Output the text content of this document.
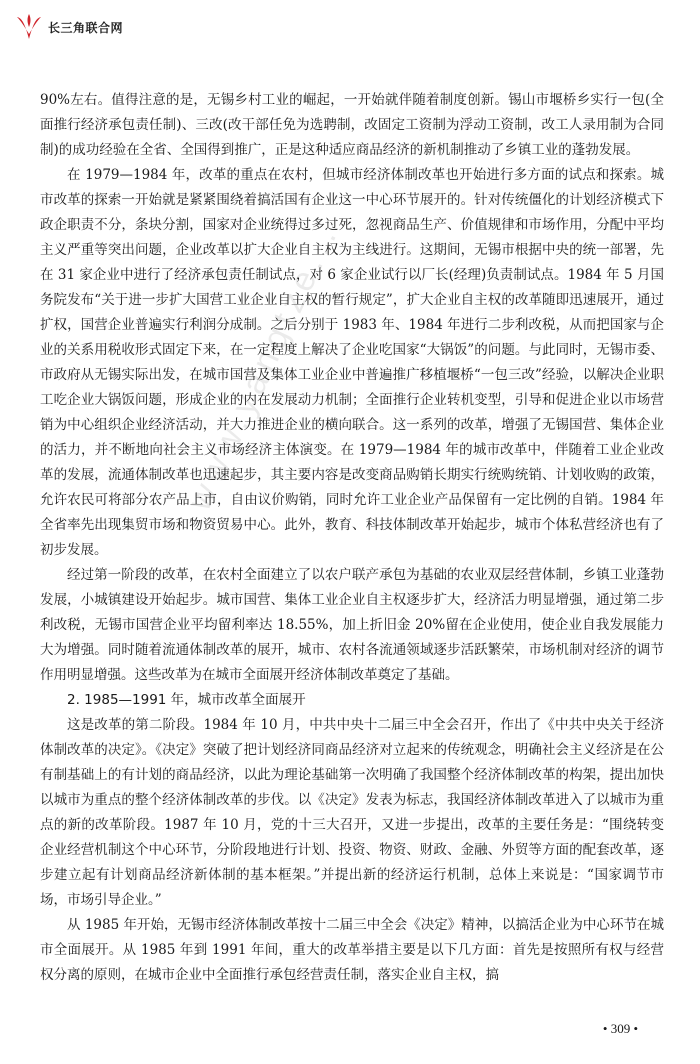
长三角联合网
www.yangtze...

90%左右。值得注意的是，无锡乡村工业的崛起，一开始就伴随着制度创新。锡山市堰桥乡实行一包(全面推行经济承包责任制)、三改(改干部任免为选聘制，改固定工资制为浮动工资制，改工人录用制为合同制)的成功经验在全省、全国得到推广，正是这种适应商品经济的新机制推动了乡镇工业的蓬勃发展。

在 1979—1984 年，改革的重点在农村，但城市经济体制改革也开始进行多方面的试点和探索。城市改革的探索一开始就是紧紧围绕着搞活国有企业这一中心环节展开的。针对传统僵化的计划经济模式下政企职责不分，条块分割，国家对企业统得过多过死，忽视商品生产、价值规律和市场作用，分配中平均主义严重等突出问题，企业改革以扩大企业自主权为主线进行。这期间，无锡市根据中央的统一部署，先在 31 家企业中进行了经济承包责任制试点，对 6 家企业试行以厂长(经理)负责制试点。1984 年 5 月国务院发布“关于进一步扩大国营工业企业自主权的暂行规定”，扩大企业自主权的改革随即迅速展开，通过扩权，国营企业普遍实行利润分成制。之后分别于 1983 年、1984 年进行二步利改税，从而把国家与企业的关系用税收形式固定下来，在一定程度上解决了企业吃国家“大锅饭”的问题。与此同时，无锡市委、市政府从无锡实际出发，在城市国营及集体工业企业中普遍推广移植堰桥“一包三改”经验，以解决企业职工吃企业大锅饭问题，形成企业的内在发展动力机制；全面推行企业转机变型，引导和促进企业以市场营销为中心组织企业经济活动，并大力推进企业的横向联合。这一系列的改革，增强了无锡国营、集体企业的活力，并不断地向社会主义市场经济主体演变。在 1979—1984 年的城市改革中，伴随着工业企业改革的发展，流通体制改革也迅速起步，其主要内容是改变商品购销长期实行统购统销、计划收购的政策，允许农民可将部分农产品上市，自由议价购销，同时允许工业企业产品保留有一定比例的自销。1984 年全省率先出现集贸市场和物资贸易中心。此外，教育、科技体制改革开始起步，城市个体私营经济也有了初步发展。

经过第一阶段的改革，在农村全面建立了以农户联产承包为基础的农业双层经营体制，乡镇工业蓬勃发展，小城镇建设开始起步。城市国营、集体工业企业自主权逐步扩大，经济活力明显增强，通过第二步利改税，无锡市国营企业平均留利率达 18.55%，加上折旧金 20%留在企业使用，使企业自我发展能力大为增强。同时随着流通体制改革的展开，城市、农村各流通领域逐步活跃繁荣，市场机制对经济的调节作用明显增强。这些改革为在城市全面展开经济体制改革奠定了基础。

2. 1985—1991 年，城市改革全面展开

这是改革的第二阶段。1984 年 10 月，中共中央十二届三中全会召开，作出了《中共中央关于经济体制改革的决定》。《决定》突破了把计划经济同商品经济对立起来的传统观念，明确社会主义经济是在公有制基础上的有计划的商品经济，以此为理论基础第一次明确了我国整个经济体制改革的构架，提出加快以城市为重点的整个经济体制改革的步伐。以《决定》发表为标志，我国经济体制改革进入了以城市为重点的新的改革阶段。1987 年 10 月，党的十三大召开，又进一步提出，改革的主要任务是：“围绕转变企业经营机制这个中心环节，分阶段地进行计划、投资、物资、财政、金融、外贸等方面的配套改革，逐步建立起有计划商品经济新体制的基本框架。”并提出新的经济运行机制，总体上来说是：“国家调节市场，市场引导企业。”

从 1985 年开始，无锡市经济体制改革按十二届三中全会《决定》精神，以搞活企业为中心环节在城市全面展开。从 1985 年到 1991 年间，重大的改革举措主要是以下几方面：首先是按照所有权与经营权分离的原则，在城市企业中全面推行承包经营责任制，落实企业自主权，搞

• 309 •
